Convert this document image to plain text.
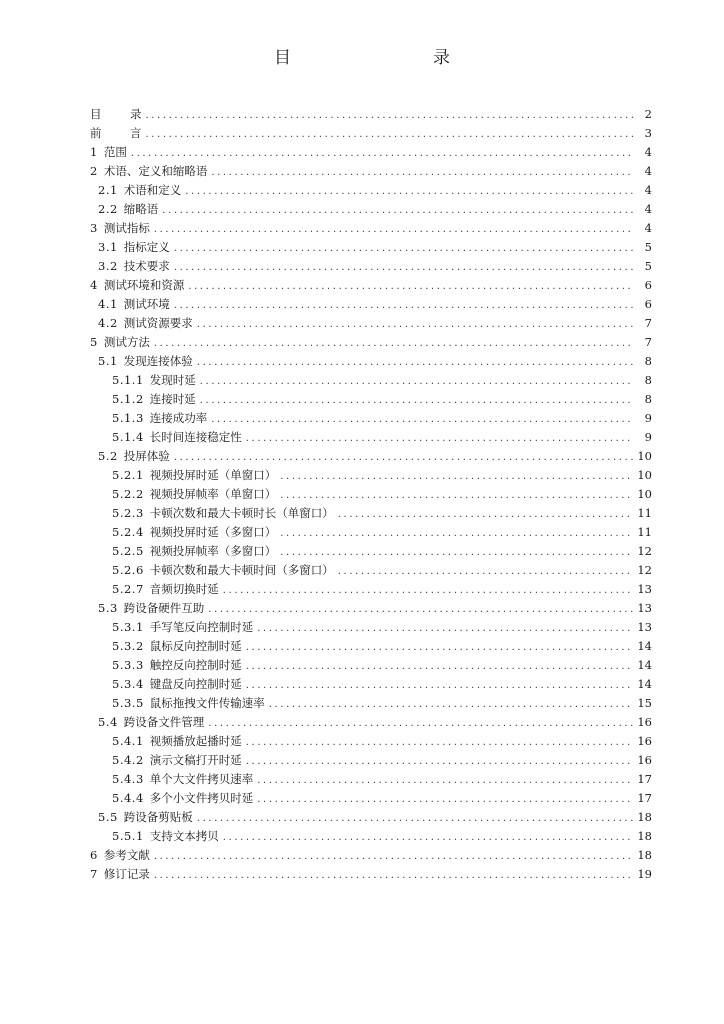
目　　录
目 录 .....	2
前 言 .....	3
1 范围 .....	4
2 术语、定义和缩略语 .....	4
2.1 术语和定义 .....	4
2.2 缩略语 .....	4
3 测试指标 .....	4
3.1 指标定义 .....	5
3.2 技术要求 .....	5
4 测试环境和资源 .....	6
4.1 测试环境 .....	6
4.2 测试资源要求 .....	7
5 测试方法 .....	7
5.1 发现连接体验 .....	8
5.1.1 发现时延 .....	8
5.1.2 连接时延 .....	8
5.1.3 连接成功率 .....	9
5.1.4 长时间连接稳定性 .....	9
5.2 投屏体验 .....	10
5.2.1 视频投屏时延（单窗口） .....	10
5.2.2 视频投屏帧率（单窗口） .....	10
5.2.3 卡顿次数和最大卡顿时长（单窗口） .....	11
5.2.4 视频投屏时延（多窗口） .....	11
5.2.5 视频投屏帧率（多窗口） .....	12
5.2.6 卡顿次数和最大卡顿时间（多窗口） .....	12
5.2.7 音频切换时延 .....	13
5.3 跨设备硬件互助 .....	13
5.3.1 手写笔反向控制时延 .....	13
5.3.2 鼠标反向控制时延 .....	14
5.3.3 触控反向控制时延 .....	14
5.3.4 键盘反向控制时延 .....	14
5.3.5 鼠标拖拽文件传输速率 .....	15
5.4 跨设备文件管理 .....	16
5.4.1 视频播放起播时延 .....	16
5.4.2 演示文稿打开时延 .....	16
5.4.3 单个大文件拷贝速率 .....	17
5.4.4 多个小文件拷贝时延 .....	17
5.5 跨设备剪贴板 .....	18
5.5.1 支持文本拷贝 .....	18
6 参考文献 .....	18
7 修订记录 .....	19
